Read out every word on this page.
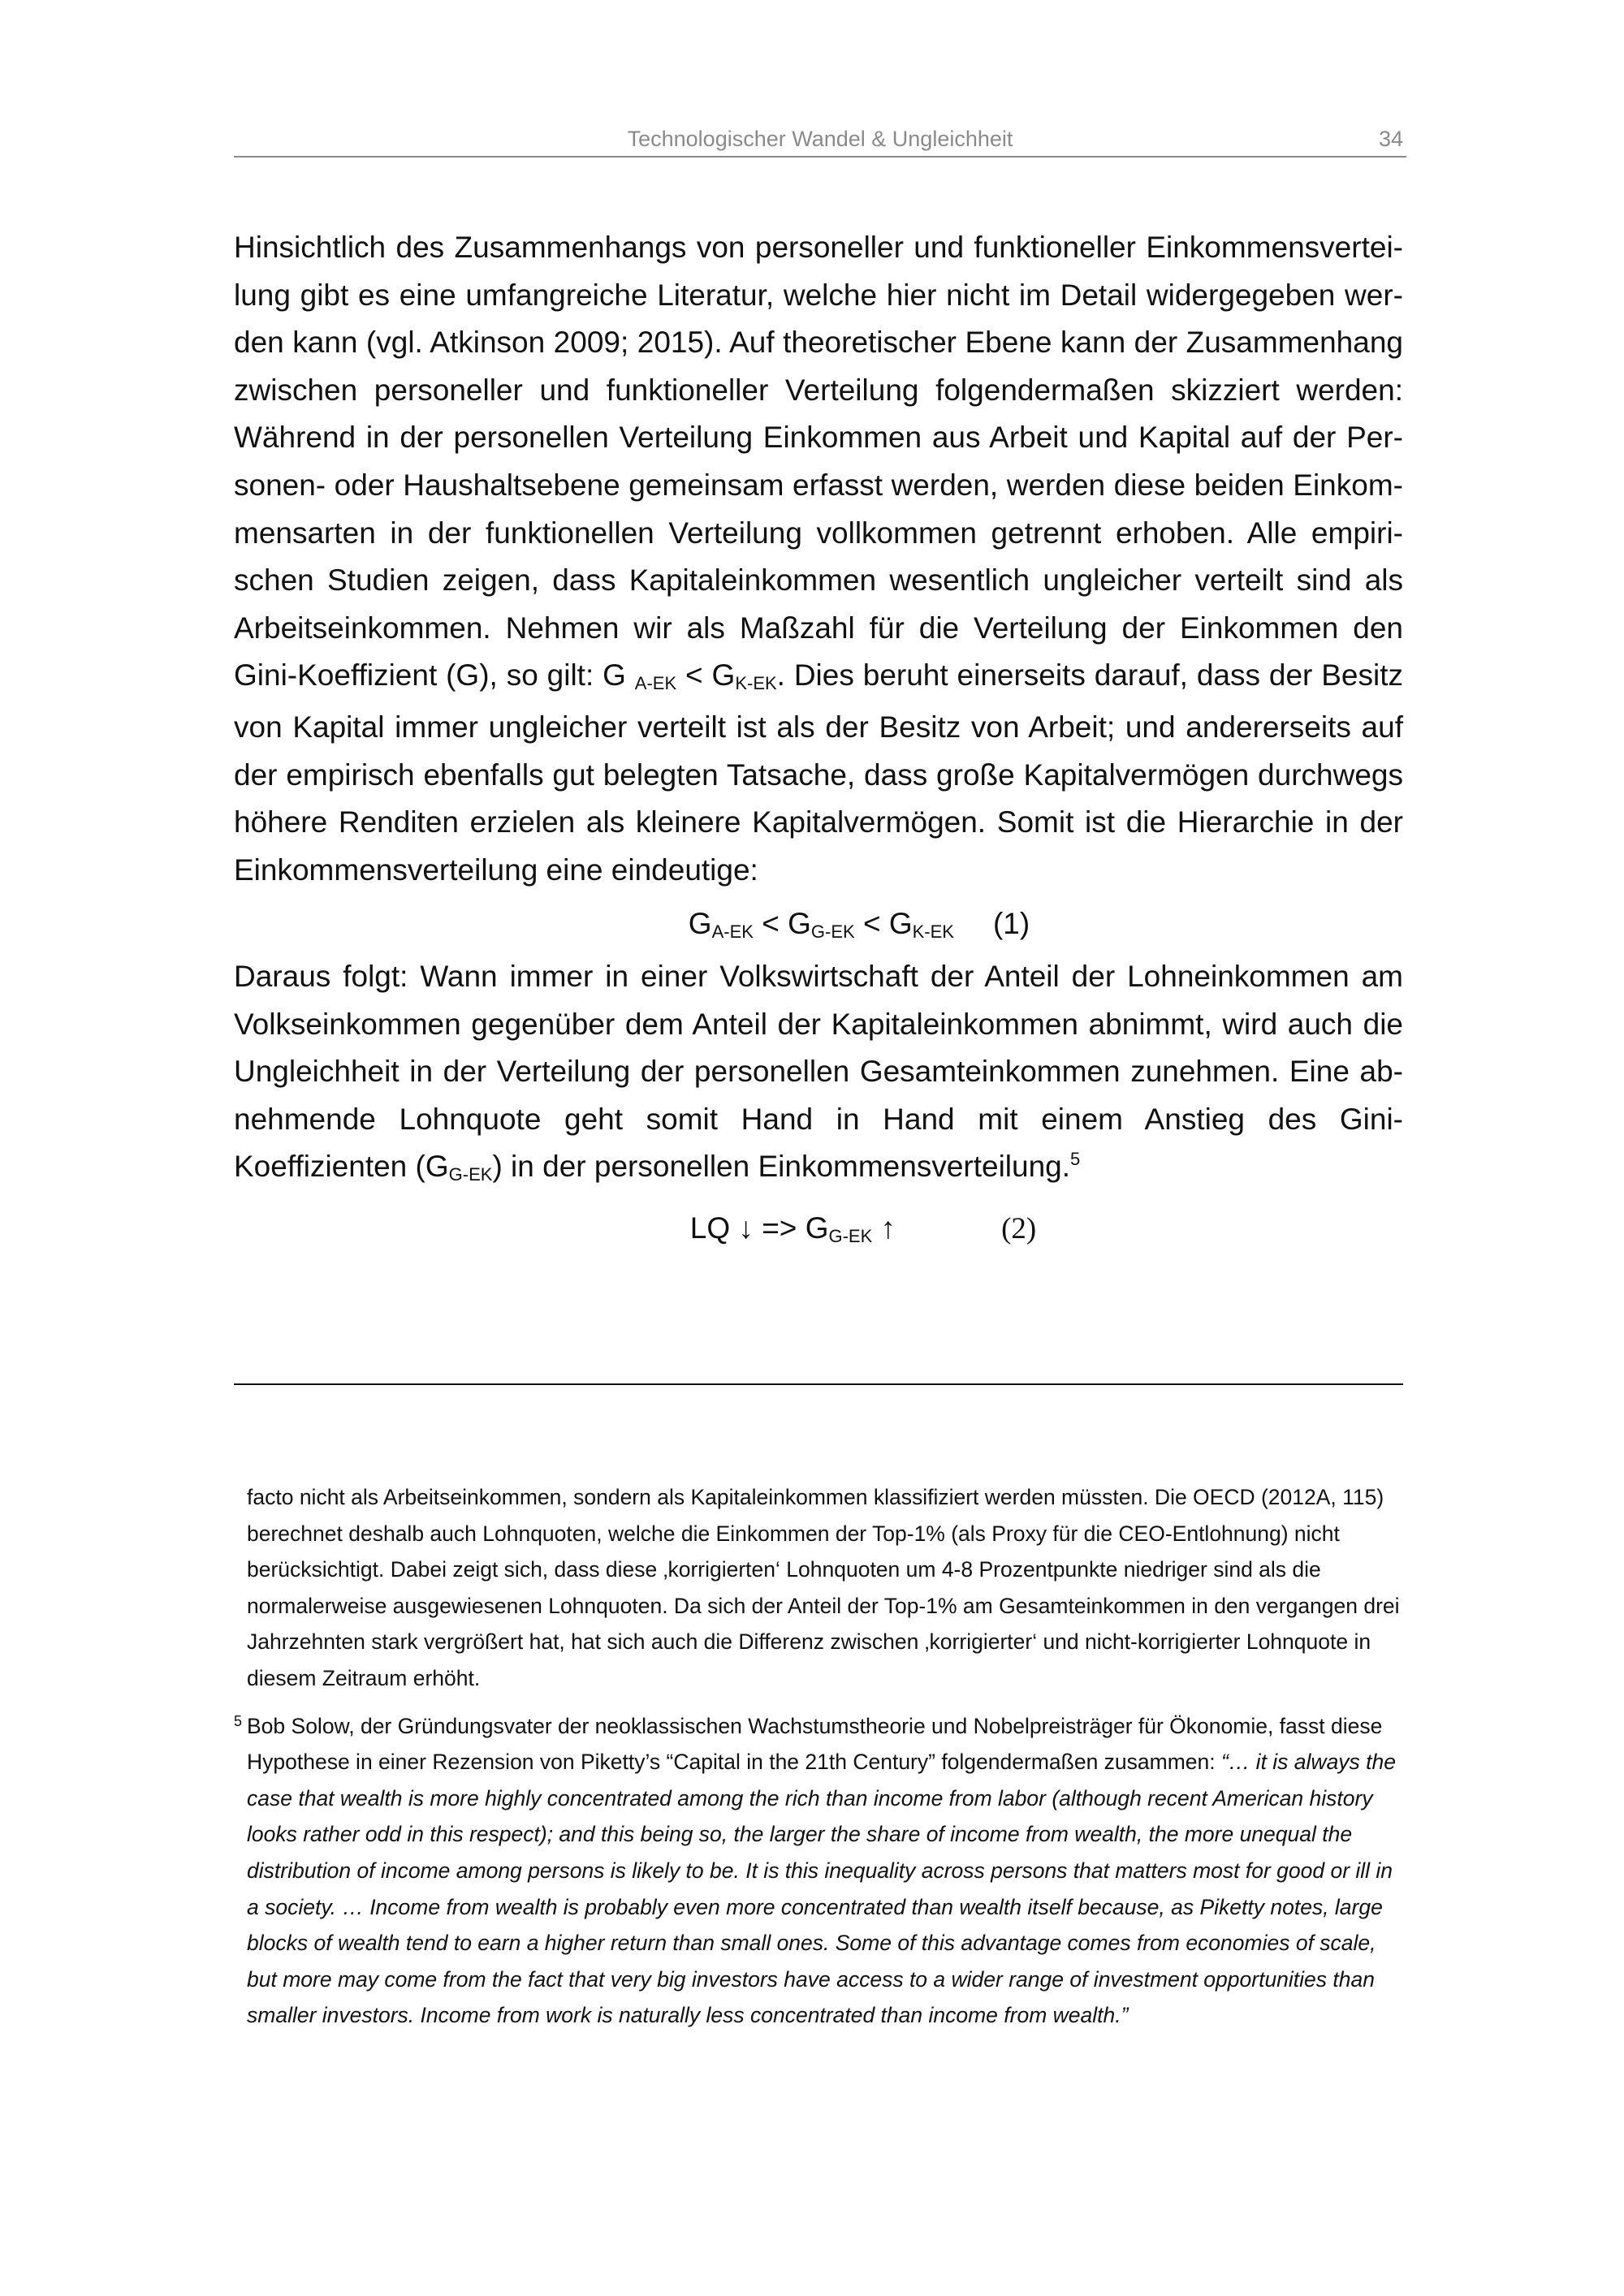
Technologischer Wandel & Ungleichheit	34

Hinsichtlich des Zusammenhangs von personeller und funktioneller Einkommensverteilung gibt es eine umfangreiche Literatur, welche hier nicht im Detail widergegeben werden kann (vgl. Atkinson 2009; 2015). Auf theoretischer Ebene kann der Zusammenhang zwischen personeller und funktioneller Verteilung folgendermaßen skizziert werden: Während in der personellen Verteilung Einkommen aus Arbeit und Kapital auf der Personen- oder Haushaltsebene gemeinsam erfasst werden, werden diese beiden Einkommensarten in der funktionellen Verteilung vollkommen getrennt erhoben. Alle empirischen Studien zeigen, dass Kapitaleinkommen wesentlich ungleicher verteilt sind als Arbeitseinkommen. Nehmen wir als Maßzahl für die Verteilung der Einkommen den Gini-Koeffizient (G), so gilt: G $_{A-EK} < G_{K-EK}$. Dies beruht einerseits darauf, dass der Besitz von Kapital immer ungleicher verteilt ist als der Besitz von Arbeit; und andererseits auf der empirisch ebenfalls gut belegten Tatsache, dass große Kapitalvermögen durchwegs höhere Renditen erzielen als kleinere Kapitalvermögen. Somit ist die Hierarchie in der Einkommensverteilung eine eindeutige:

$G_{A-EK} < G_{G-EK} < G_{K-EK}$ (1)

Daraus folgt: Wann immer in einer Volkswirtschaft der Anteil der Lohneinkommen am Volkseinkommen gegenüber dem Anteil der Kapitaleinkommen abnimmt, wird auch die Ungleichheit in der Verteilung der personellen Gesamteinkommen zunehmen. Eine abnehmende Lohnquote geht somit Hand in Hand mit einem Anstieg des Gini-Koeffizienten $(G_{G-EK})$ in der personellen Einkommensverteilung.$^5$

LQ ↓ => $G_{G-EK}$ ↑	(2)

facto nicht als Arbeitseinkommen, sondern als Kapitaleinkommen klassifiziert werden müssten. Die OECD (2012A, 115) berechnet deshalb auch Lohnquoten, welche die Einkommen der Top-1% (als Proxy für die CEO-Entlohnung) nicht berücksichtigt. Dabei zeigt sich, dass diese ‚korrigierten‘ Lohnquoten um 4-8 Prozentpunkte niedriger sind als die normalerweise ausgewiesenen Lohnquoten. Da sich der Anteil der Top-1% am Gesamteinkommen in den vergangen drei Jahrzehnten stark vergrößert hat, hat sich auch die Differenz zwischen ‚korrigierter‘ und nicht-korrigierter Lohnquote in diesem Zeitraum erhöht.

5 Bob Solow, der Gründungsvater der neoklassischen Wachstumstheorie und Nobelpreisträger für Ökonomie, fasst diese Hypothese in einer Rezension von Piketty’s “Capital in the 21th Century” folgendermaßen zusammen: “… it is always the case that wealth is more highly concentrated among the rich than income from labor (although recent American history looks rather odd in this respect); and this being so, the larger the share of income from wealth, the more unequal the distribution of income among persons is likely to be. It is this inequality across persons that matters most for good or ill in a society. … Income from wealth is probably even more concentrated than wealth itself because, as Piketty notes, large blocks of wealth tend to earn a higher return than small ones. Some of this advantage comes from economies of scale, but more may come from the fact that very big investors have access to a wider range of investment opportunities than smaller investors. Income from work is naturally less concentrated than income from wealth.”
